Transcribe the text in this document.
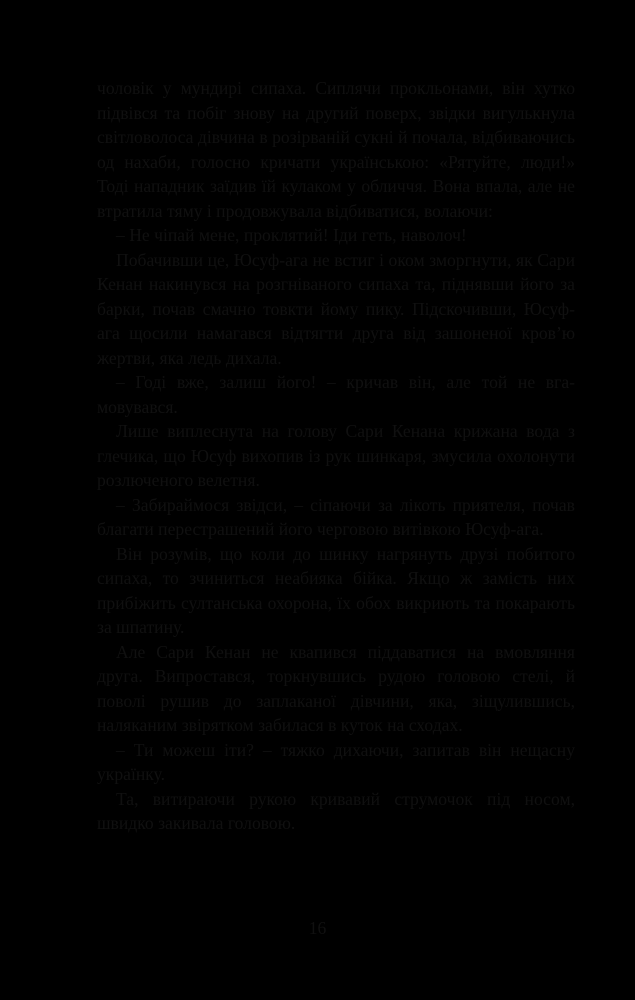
чоловік у мундирі сипаха. Сиплячи прокльонами, він хутко підвівся та побіг знову на другий поверх, звідки вигулькнула світловолоса дівчина в розірваній сукні й почала, відбиваючись од нахаби, голосно кричати українською: «Рятуйте, люди!» Тоді нападник заїдив їй кулаком у обличчя. Вона впала, але не втратила тяму і продовжувала відбиватися, волаючи:

– Не чіпай мене, проклятий! Іди геть, наволоч!

Побачивши це, Юсуф-ага не встиг і оком зморгнути, як Сари Кенан накинувся на розгніваного сипаха та, піднявши його за барки, почав смачно товкти йому пику. Підскочивши, Юсуф-ага щосили намагався відтягти друга від зашоненої кров’ю жертви, яка ледь дихала.

– Годі вже, залиш його! – кричав він, але той не вгамовувався.

Лише виплеснута на голову Сари Кенана крижана вода з глечика, що Юсуф вихопив із рук шинкаря, змусила охолонути розлюченого велетня.

– Забираймося звідси, – сіпаючи за лікоть приятеля, почав благати перестрашений його черговою витівкою Юсуф-ага.

Він розумів, що коли до шинку нагрянуть друзі побитого сипаха, то зчиниться неабияка бійка. Якщо ж замість них прибіжить султанська охорона, їх обох викриють та покарають за шпатину.

Але Сари Кенан не квапився піддаватися на вмовляння друга. Випростався, торкнувшись рудою головою стелі, й поволі рушив до заплаканої дівчини, яка, зіщулившись, наляканим звірятком забилася в куток на сходах.

– Ти можеш іти? – тяжко дихаючи, запитав він нещасну українку.

Та, витираючи рукою кривавий струмочок під носом, швидко закивала головою.

16
